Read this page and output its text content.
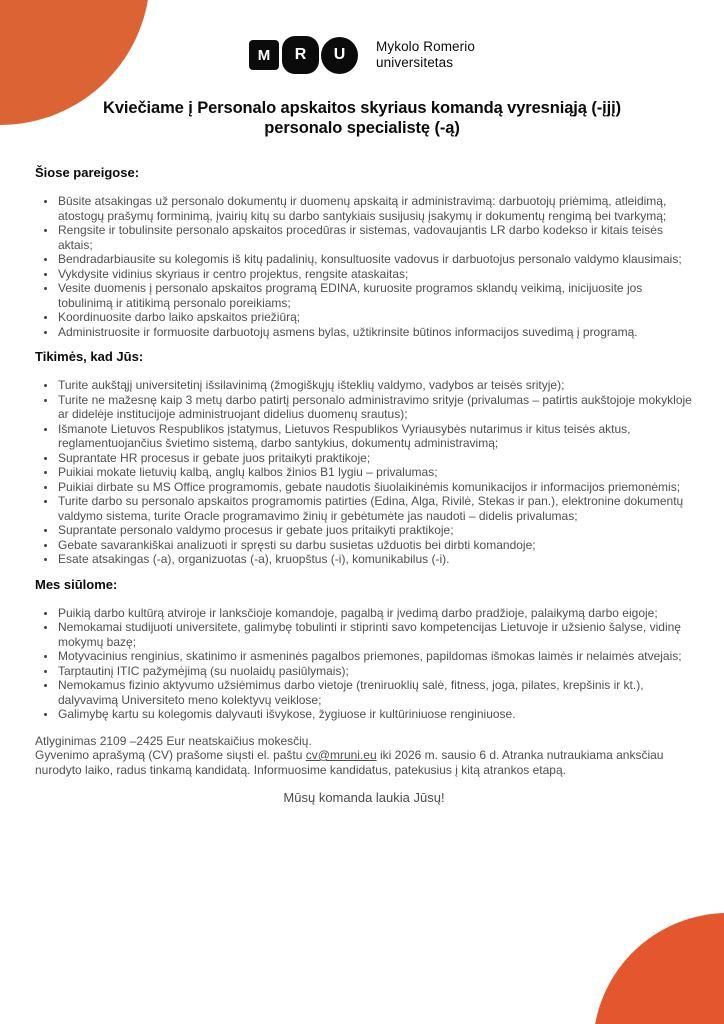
M R U Mykolo Romerio
universitetas
Kviečiame į Personalo apskaitos skyriaus komandą vyresniąją (-įjį)
personalo specialistę (-ą)
Šiose pareigose:
• Būsite atsakingas už personalo dokumentų ir duomenų apskaitą ir administravimą: darbuotojų priėmimą, atleidimą, atostogų prašymų forminimą, įvairių kitų su darbo santykiais susijusių įsakymų ir dokumentų rengimą bei tvarkymą;
• Rengsite ir tobulinsite personalo apskaitos procedūras ir sistemas, vadovaujantis LR darbo kodekso ir kitais teisės aktais;
• Bendradarbiausite su kolegomis iš kitų padalinių, konsultuosite vadovus ir darbuotojus personalo valdymo klausimais;
• Vykdysite vidinius skyriaus ir centro projektus, rengsite ataskaitas;
• Vesite duomenis į personalo apskaitos programą EDINA, kuruosite programos sklandų veikimą, inicijuosite jos tobulinimą ir atitikimą personalo poreikiams;
• Koordinuosite darbo laiko apskaitos priežiūrą;
• Administruosite ir formuosite darbuotojų asmens bylas, užtikrinsite būtinos informacijos suvedimą į programą.
Tikimės, kad Jūs:
• Turite aukštąjį universitetinį išsilavinimą (žmogiškųjų išteklių valdymo, vadybos ar teisės srityje);
• Turite ne mažesnę kaip 3 metų darbo patirtį personalo administravimo srityje (privalumas – patirtis aukštojoje mokykloje ar didelėje institucijoje administruojant didelius duomenų srautus);
• Išmanote Lietuvos Respublikos įstatymus, Lietuvos Respublikos Vyriausybės nutarimus ir kitus teisės aktus, reglamentuojančius švietimo sistemą, darbo santykius, dokumentų administravimą;
• Suprantate HR procesus ir gebate juos pritaikyti praktikoje;
• Puikiai mokate lietuvių kalbą, anglų kalbos žinios B1 lygiu – privalumas;
• Puikiai dirbate su MS Office programomis, gebate naudotis šiuolaikinėmis komunikacijos ir informacijos priemonėmis;
• Turite darbo su personalo apskaitos programomis patirties (Edina, Alga, Rivilė, Stekas ir pan.), elektronine dokumentų valdymo sistema, turite Oracle programavimo žinių ir gebėtumėte jas naudoti – didelis privalumas;
• Suprantate personalo valdymo procesus ir gebate juos pritaikyti praktikoje;
• Gebate savarankiškai analizuoti ir spręsti su darbu susietas užduotis bei dirbti komandoje;
• Esate atsakingas (-a), organizuotas (-a), kruopštus (-i), komunikabilus (-i).
Mes siūlome:
• Puikią darbo kultūrą atviroje ir lanksčioje komandoje, pagalbą ir įvedimą darbo pradžioje, palaikymą darbo eigoje;
• Nemokamai studijuoti universitete, galimybę tobulinti ir stiprinti savo kompetencijas Lietuvoje ir užsienio šalyse, vidinę mokymų bazę;
• Motyvacinius renginius, skatinimo ir asmeninės pagalbos priemones, papildomas išmokas laimės ir nelaimės atvejais;
• Tarptautinį ITIC pažymėjimą (su nuolaidų pasiūlymais);
• Nemokamus fizinio aktyvumo užsiėmimus darbo vietoje (treniruoklių salė, fitness, joga, pilates, krepšinis ir kt.), dalyvavimą Universiteto meno kolektyvų veiklose;
• Galimybę kartu su kolegomis dalyvauti išvykose, žygiuose ir kultūriniuose renginiuose.

Atlyginimas 2109 –2425 Eur neatskaičius mokesčių.

Gyvenimo aprašymą (CV) prašome siųsti el. paštu cv@mruni.eu iki 2026 m. sausio 6 d. Atranka nutraukiama anksčiau nurodyto laiko, radus tinkamą kandidatą. Informuosime kandidatus, patekusius į kitą atrankos etapą.

Mūsų komanda laukia Jūsų!
